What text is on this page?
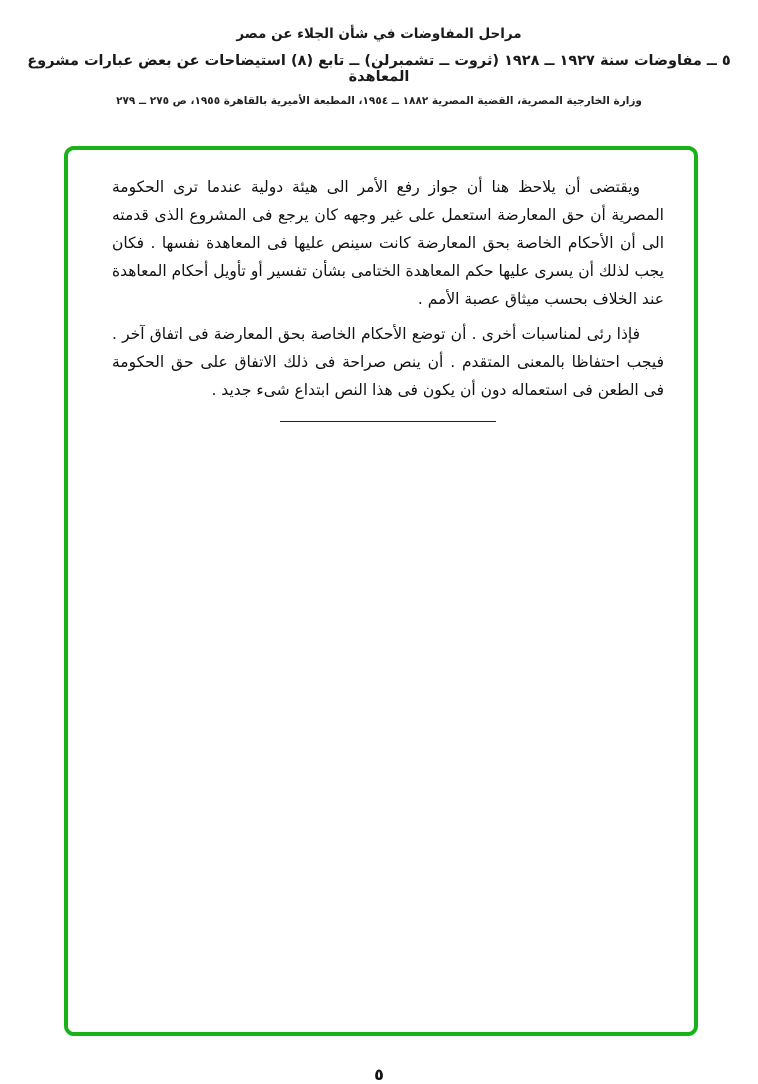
مراحل المفاوضات في شأن الجلاء عن مصر
٥ ــ مفاوضات سنة ١٩٢٧ ــ ١٩٢٨ (ثروت ــ تشمبرلن) ــ تابع (٨) استيضاحات عن بعض عبارات مشروع المعاهدة
وزارة الخارجية المصرية، القضية المصرية ١٨٨٢ ــ ١٩٥٤، المطبعة الأميرية بالقاهرة ١٩٥٥، ص ٢٧٥ ــ ٢٧٩

ويقتضى أن يلاحظ هنا أن جواز رفع الأمر الى هيئة دولية عندما ترى الحكومة المصرية أن حق المعارضة استعمل على غير وجهه كان يرجع فى المشروع الذى قدمته الى أن الأحكام الخاصة بحق المعارضة كانت سينص عليها فى المعاهدة نفسها . فكان يجب لذلك أن يسرى عليها حكم المعاهدة الختامى بشأن تفسير أو تأويل أحكام المعاهدة عند الخلاف بحسب ميثاق عصبة الأمم .

فإذا رئى لمناسبات أخرى . أن توضع الأحكام الخاصة بحق المعارضة فى اتفاق آخر . فيجب احتفاظا بالمعنى المتقدم . أن ينص صراحة فى ذلك الاتفاق على حق الحكومة فى الطعن فى استعماله دون أن يكون فى هذا النص ابتداع شىء جديد .

٥
